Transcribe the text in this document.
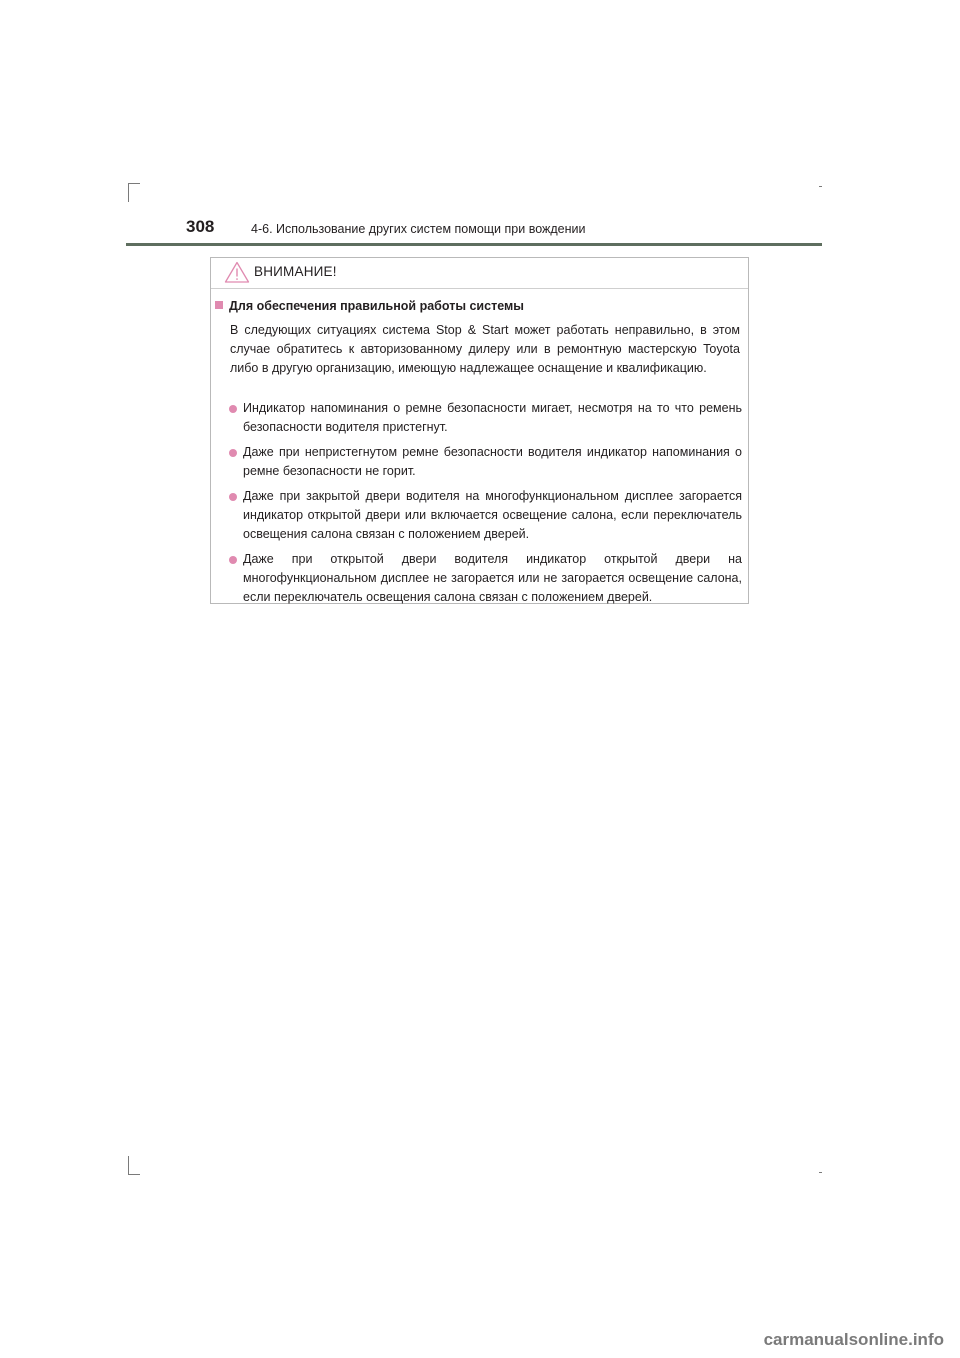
308	4-6. Использование других систем помощи при вождении
ВНИМАНИЕ!
Для обеспечения правильной работы системы
В следующих ситуациях система Stop & Start может работать неправильно, в этом случае обратитесь к авторизованному дилеру или в ремонтную мастерскую Toyota либо в другую организацию, имеющую надлежащее оснащение и квалификацию.
Индикатор напоминания о ремне безопасности мигает, несмотря на то что ремень безопасности водителя пристегнут.
Даже при непристегнутом ремне безопасности водителя индикатор напоминания о ремне безопасности не горит.
Даже при закрытой двери водителя на многофункциональном дисплее загорается индикатор открытой двери или включается освещение салона, если переключатель освещения салона связан с положением дверей.
Даже при открытой двери водителя индикатор открытой двери на многофункциональном дисплее не загорается или не загорается освещение салона, если переключатель освещения салона связан с положением дверей.
carmanualsonline.info
